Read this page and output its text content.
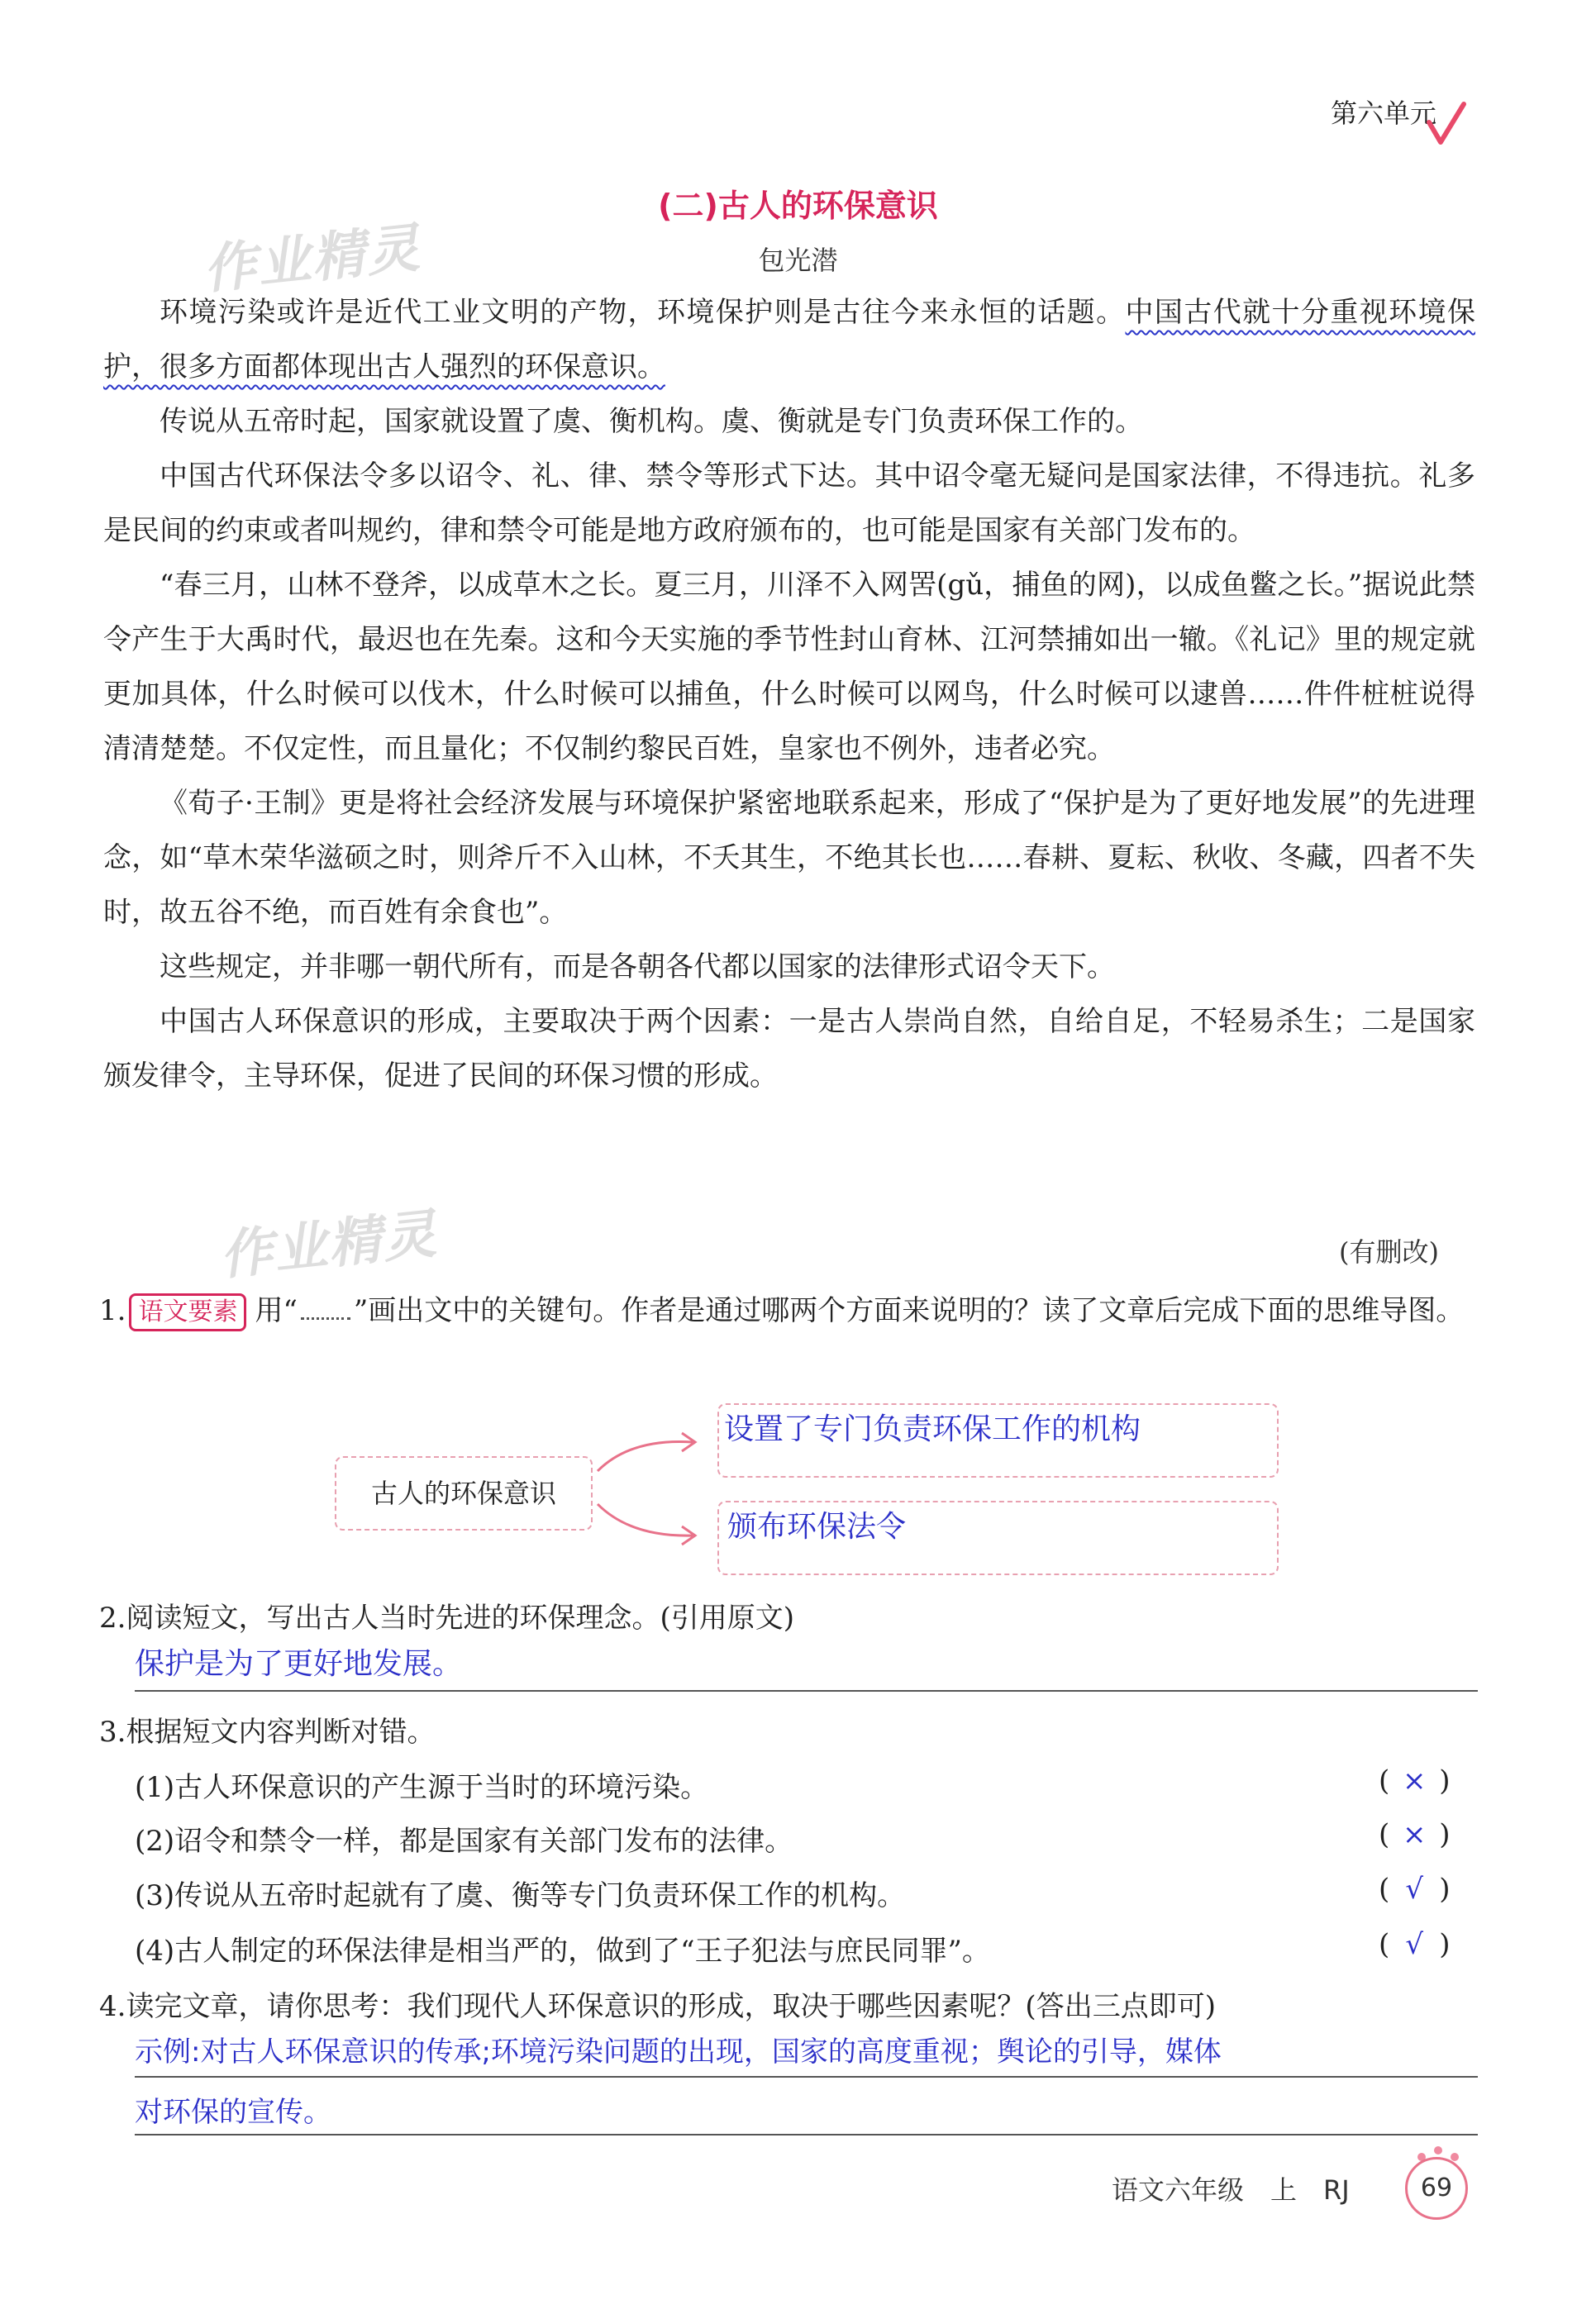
第六单元
作业精灵
作业精灵
(二)古人的环保意识
包光潜

环境污染或许是近代工业文明的产物，环境保护则是古往今来永恒的话题。中国古代就十分重视环境保护，很多方面都体现出古人强烈的环保意识。

传说从五帝时起，国家就设置了虞、衡机构。虞、衡就是专门负责环保工作的。

中国古代环保法令多以诏令、礼、律、禁令等形式下达。其中诏令毫无疑问是国家法律，不得违抗。礼多是民间的约束或者叫规约，律和禁令可能是地方政府颁布的，也可能是国家有关部门发布的。

“春三月，山林不登斧，以成草木之长。夏三月，川泽不入网罟(gǔ，捕鱼的网)，以成鱼鳖之长。”据说此禁令产生于大禹时代，最迟也在先秦。这和今天实施的季节性封山育林、江河禁捕如出一辙。《礼记》里的规定就更加具体，什么时候可以伐木，什么时候可以捕鱼，什么时候可以网鸟，什么时候可以逮兽……件件桩桩说得清清楚楚。不仅定性，而且量化；不仅制约黎民百姓，皇家也不例外，违者必究。

《荀子·王制》更是将社会经济发展与环境保护紧密地联系起来，形成了“保护是为了更好地发展”的先进理念，如“草木荣华滋硕之时，则斧斤不入山林，不夭其生，不绝其长也……春耕、夏耘、秋收、冬藏，四者不失时，故五谷不绝，而百姓有余食也”。

这些规定，并非哪一朝代所有，而是各朝各代都以国家的法律形式诏令天下。

中国古人环保意识的形成，主要取决于两个因素：一是古人崇尚自然，自给自足，不轻易杀生；二是国家颁发律令，主导环保，促进了民间的环保习惯的形成。

(有删改)
1. 语文要素 用“ ”画出文中的关键句。作者是通过哪两个方面来说明的？读了文章后完成下面的思维导图。
古人的环保意识
设置了专门负责环保工作的机构
颁布环保法令
2.阅读短文，写出古人当时先进的环保理念。(引用原文)
保护是为了更好地发展。
3.根据短文内容判断对错。
(1)古人环保意识的产生源于当时的环境污染。	( × )
(2)诏令和禁令一样，都是国家有关部门发布的法律。	( × )
(3)传说从五帝时起就有了虞、衡等专门负责环保工作的机构。	( √ )
(4)古人制定的环保法律是相当严的，做到了“王子犯法与庶民同罪”。	( √ )
4.读完文章，请你思考：我们现代人环保意识的形成，取决于哪些因素呢？(答出三点即可)
示例:对古人环保意识的传承;环境污染问题的出现，国家的高度重视；舆论的引导，媒体
对环保的宣传。
语文六年级　上　RJ	69
